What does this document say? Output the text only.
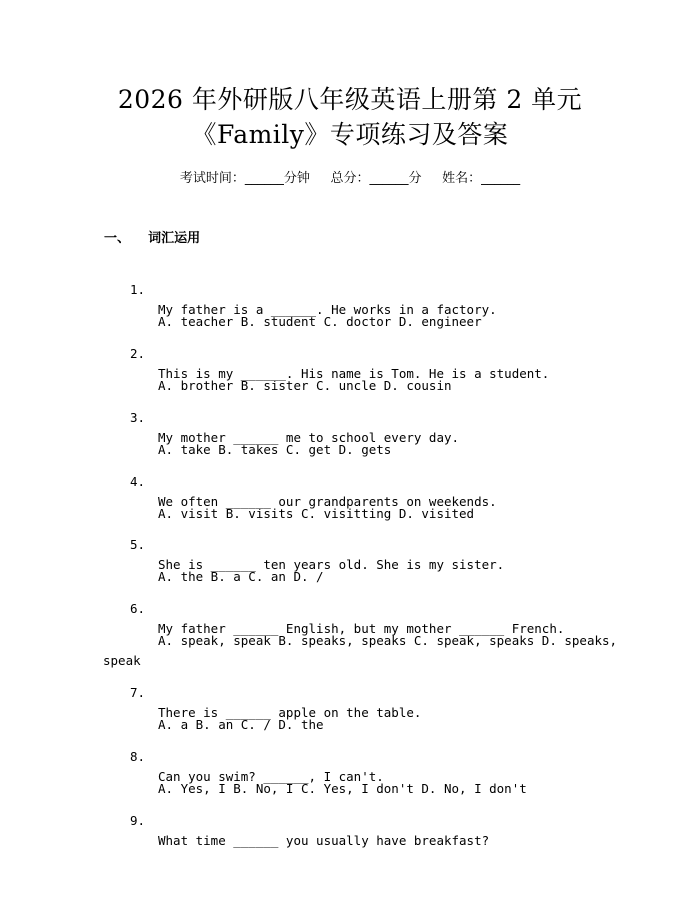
2026 年外研版八年级英语上册第 2 单元
《Family》专项练习及答案
考试时间：______分钟     总分：______分     姓名：______
一、    词汇运用

1.

My father is a ______. He works in a factory.

A. teacher B. student C. doctor D. engineer

2.

This is my ______. His name is Tom. He is a student.

A. brother B. sister C. uncle D. cousin

3.

My mother ______ me to school every day.

A. take B. takes C. get D. gets

4.

We often ______ our grandparents on weekends.

A. visit B. visits C. visitting D. visited

5.

She is ______ ten years old. She is my sister.

A. the B. a C. an D. /

6.

My father ______ English, but my mother ______ French.

A. speak, speak B. speaks, speaks C. speak, speaks D. speaks,

speak

7.

There is ______ apple on the table.

A. a B. an C. / D. the

8.

Can you swim? ______, I can't.

A. Yes, I B. No, I C. Yes, I don't D. No, I don't

9.

What time ______ you usually have breakfast?
